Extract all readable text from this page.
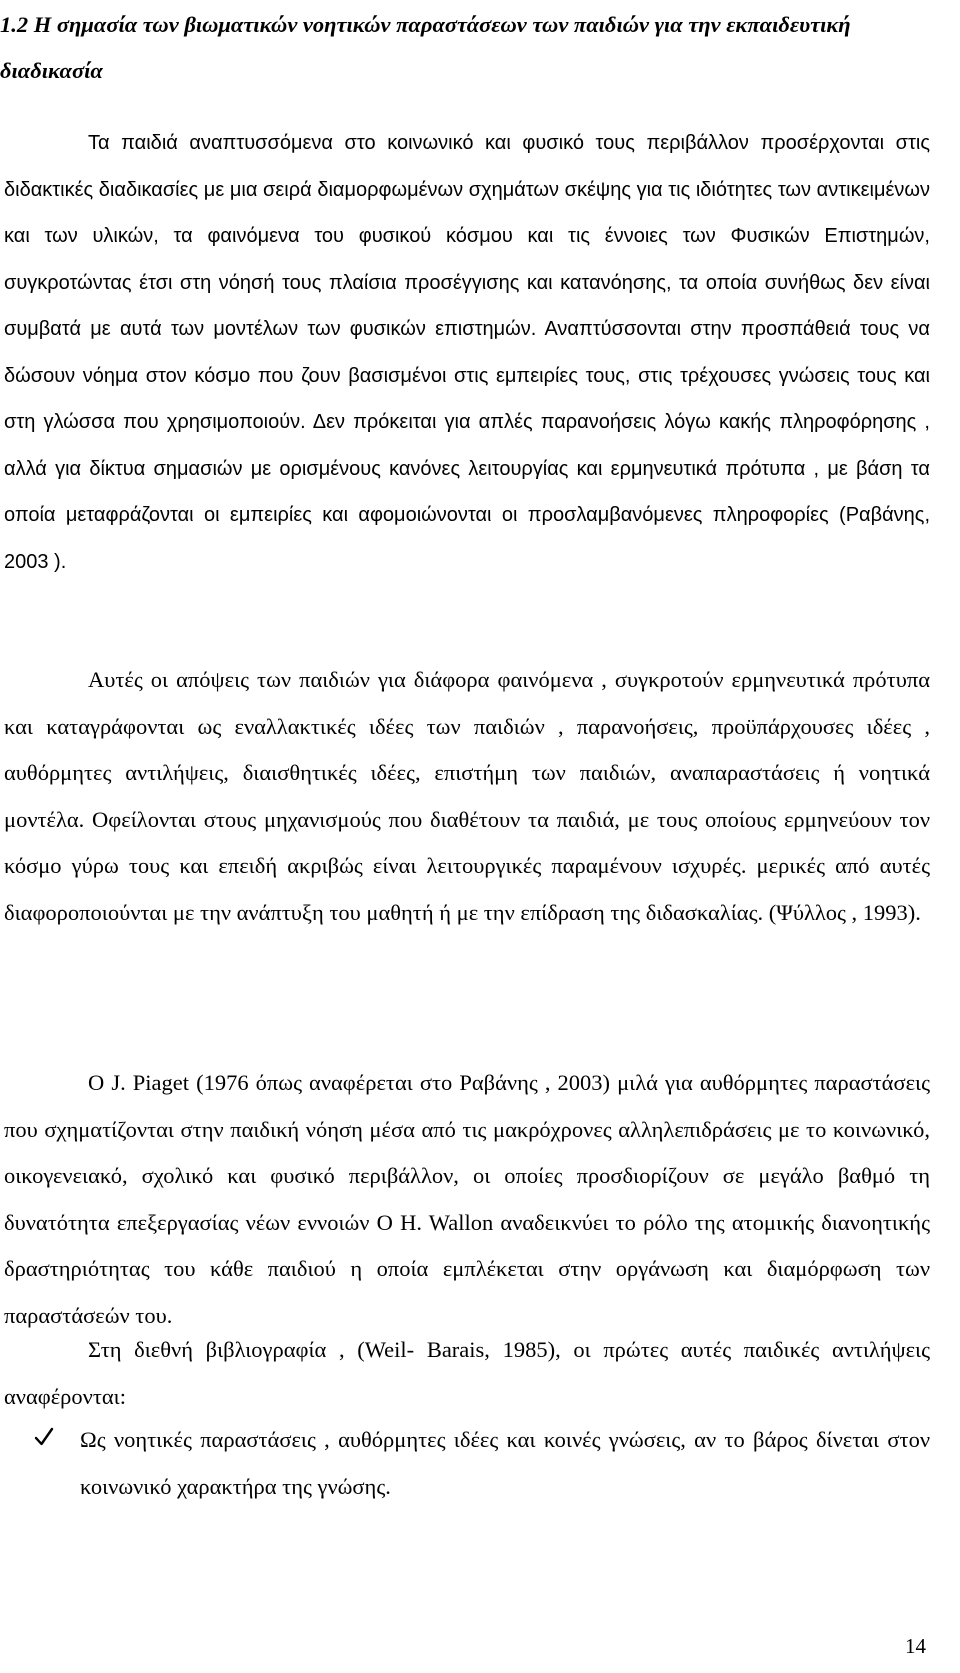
1.2 Η σημασία των βιωματικών νοητικών παραστάσεων των παιδιών για την εκπαιδευτική διαδικασία

Τα παιδιά αναπτυσσόμενα στο κοινωνικό και φυσικό τους περιβάλλον προσέρχονται στις διδακτικές διαδικασίες με μια σειρά διαμορφωμένων σχημάτων σκέψης για τις ιδιότητες των αντικειμένων και των υλικών, τα φαινόμενα του φυσικού κόσμου και τις έννοιες των Φυσικών Επιστημών, συγκροτώντας έτσι στη νόησή τους πλαίσια προσέγγισης και κατανόησης, τα οποία συνήθως δεν είναι συμβατά με αυτά των μοντέλων των φυσικών επιστημών. Αναπτύσσονται στην προσπάθειά τους να δώσουν νόημα στον κόσμο που ζουν βασισμένοι στις εμπειρίες τους, στις τρέχουσες γνώσεις τους και στη γλώσσα που χρησιμοποιούν. Δεν πρόκειται για απλές παρανοήσεις λόγω κακής πληροφόρησης , αλλά για δίκτυα σημασιών με ορισμένους κανόνες λειτουργίας και ερμηνευτικά πρότυπα , με βάση τα οποία μεταφράζονται οι εμπειρίες και αφομοιώνονται οι προσλαμβανόμενες πληροφορίες (Ραβάνης, 2003 ).

Αυτές οι απόψεις των παιδιών για διάφορα φαινόμενα , συγκροτούν ερμηνευτικά πρότυπα και καταγράφονται ως εναλλακτικές ιδέες των παιδιών , παρανοήσεις, προϋπάρχουσες ιδέες , αυθόρμητες αντιλήψεις, διαισθητικές ιδέες, επιστήμη των παιδιών, αναπαραστάσεις ή νοητικά μοντέλα. Οφείλονται στους μηχανισμούς που διαθέτουν τα παιδιά, με τους οποίους ερμηνεύουν τον κόσμο γύρω τους και επειδή ακριβώς είναι λειτουργικές παραμένουν ισχυρές. μερικές από αυτές διαφοροποιούνται με την ανάπτυξη του μαθητή ή με την επίδραση της διδασκαλίας. (Ψύλλος , 1993).

Ο J. Piaget (1976 όπως αναφέρεται στο Ραβάνης , 2003) μιλά για αυθόρμητες παραστάσεις που σχηματίζονται στην παιδική νόηση μέσα από τις μακρόχρονες αλληλεπιδράσεις με το κοινωνικό, οικογενειακό, σχολικό και φυσικό περιβάλλον, οι οποίες προσδιορίζουν σε μεγάλο βαθμό τη δυνατότητα επεξεργασίας νέων εννοιών Ο H. Wallon αναδεικνύει το ρόλο της ατομικής διανοητικής δραστηριότητας του κάθε παιδιού η οποία εμπλέκεται στην οργάνωση και διαμόρφωση των παραστάσεών του.

Στη διεθνή βιβλιογραφία , (Weil- Barais, 1985), οι πρώτες αυτές παιδικές αντιλήψεις αναφέρονται:

Ως νοητικές παραστάσεις , αυθόρμητες ιδέες και κοινές γνώσεις, αν το βάρος δίνεται στον κοινωνικό χαρακτήρα της γνώσης.
14
